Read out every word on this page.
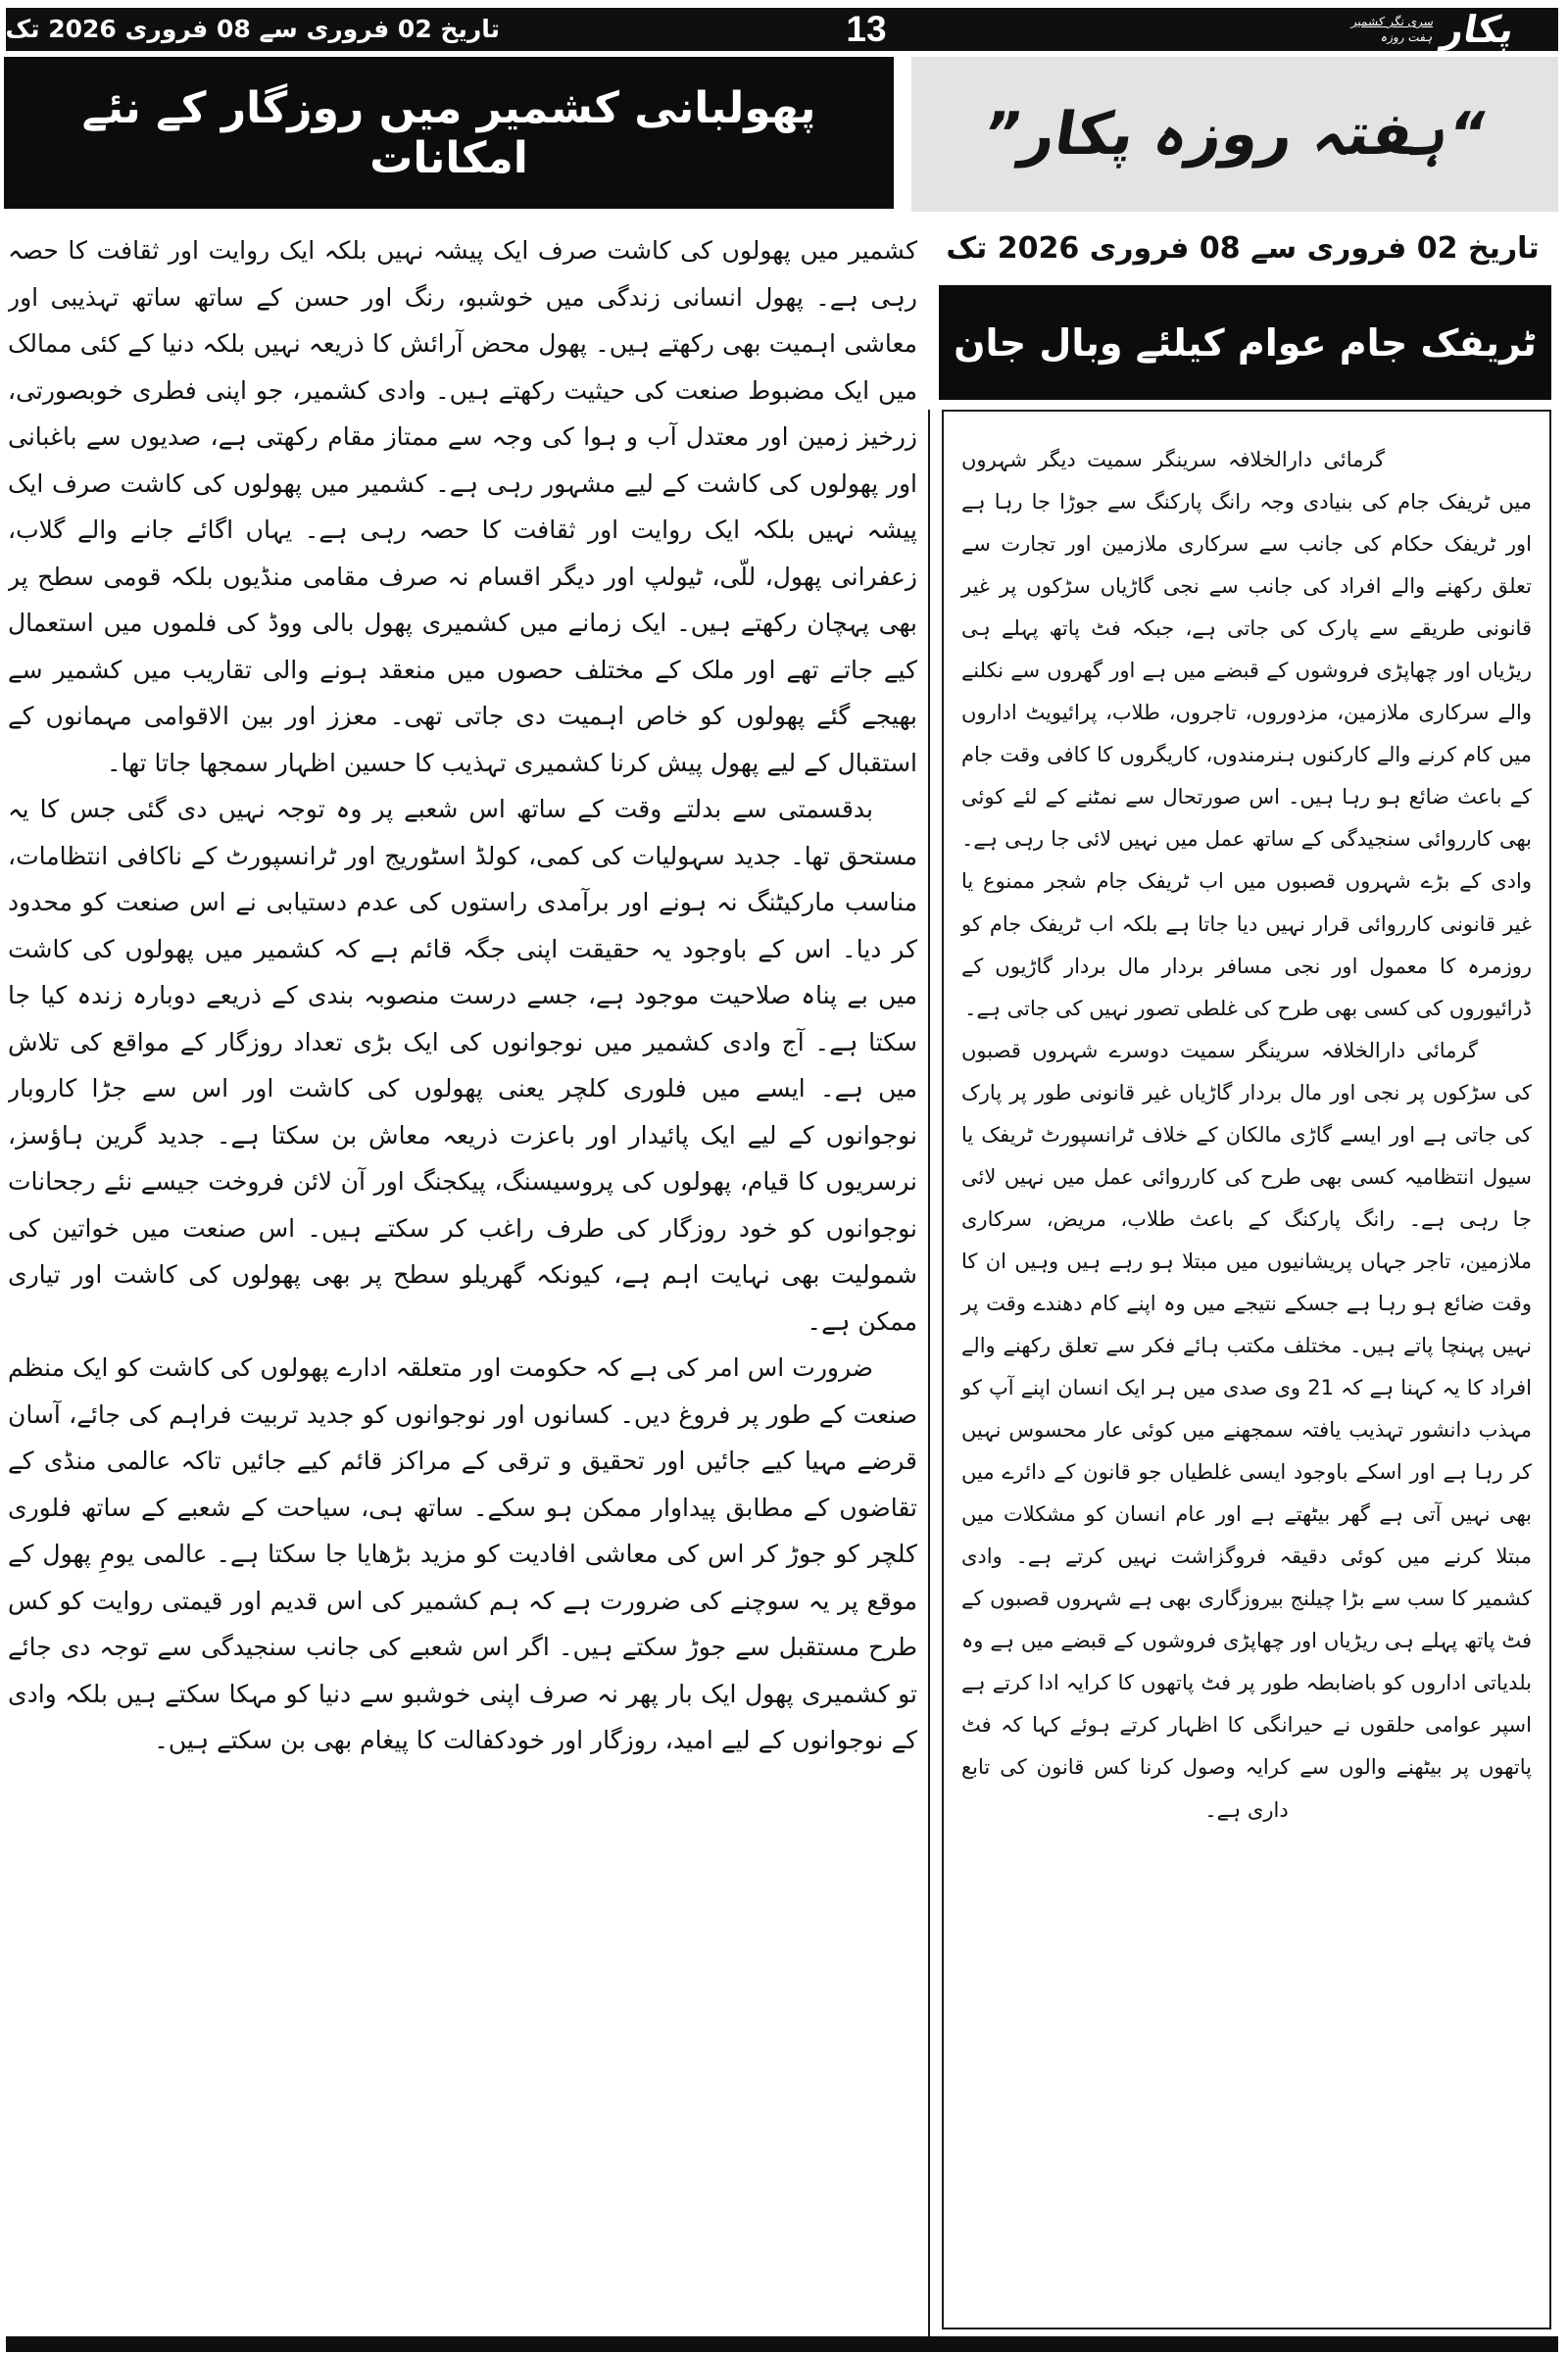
تاریخ 02 فروری سے 08 فروری 2026 تک	13	پکار
سری نگر کشمیر
ہفت روزہ
پھولبانی کشمیر میں روزگار کے نئے امکانات

کشمیر میں پھولوں کی کاشت صرف ایک پیشہ نہیں بلکہ ایک روایت اور ثقافت کا حصہ رہی ہے۔ پھول انسانی زندگی میں خوشبو، رنگ اور حسن کے ساتھ ساتھ تہذیبی اور معاشی اہمیت بھی رکھتے ہیں۔ پھول محض آرائش کا ذریعہ نہیں بلکہ دنیا کے کئی ممالک میں ایک مضبوط صنعت کی حیثیت رکھتے ہیں۔ وادی کشمیر، جو اپنی فطری خوبصورتی، زرخیز زمین اور معتدل آب و ہوا کی وجہ سے ممتاز مقام رکھتی ہے، صدیوں سے باغبانی اور پھولوں کی کاشت کے لیے مشہور رہی ہے۔ کشمیر میں پھولوں کی کاشت صرف ایک پیشہ نہیں بلکہ ایک روایت اور ثقافت کا حصہ رہی ہے۔ یہاں اگائے جانے والے گلاب، زعفرانی پھول، للّی، ٹیولپ اور دیگر اقسام نہ صرف مقامی منڈیوں بلکہ قومی سطح پر بھی پہچان رکھتے ہیں۔ ایک زمانے میں کشمیری پھول بالی ووڈ کی فلموں میں استعمال کیے جاتے تھے اور ملک کے مختلف حصوں میں منعقد ہونے والی تقاریب میں کشمیر سے بھیجے گئے پھولوں کو خاص اہمیت دی جاتی تھی۔ معزز اور بین الاقوامی مہمانوں کے استقبال کے لیے پھول پیش کرنا کشمیری تہذیب کا حسین اظہار سمجھا جاتا تھا۔

بدقسمتی سے بدلتے وقت کے ساتھ اس شعبے پر وہ توجہ نہیں دی گئی جس کا یہ مستحق تھا۔ جدید سہولیات کی کمی، کولڈ اسٹوریج اور ٹرانسپورٹ کے ناکافی انتظامات، مناسب مارکیٹنگ نہ ہونے اور برآمدی راستوں کی عدم دستیابی نے اس صنعت کو محدود کر دیا۔ اس کے باوجود یہ حقیقت اپنی جگہ قائم ہے کہ کشمیر میں پھولوں کی کاشت میں بے پناہ صلاحیت موجود ہے، جسے درست منصوبہ بندی کے ذریعے دوبارہ زندہ کیا جا سکتا ہے۔ آج وادی کشمیر میں نوجوانوں کی ایک بڑی تعداد روزگار کے مواقع کی تلاش میں ہے۔ ایسے میں فلوری کلچر یعنی پھولوں کی کاشت اور اس سے جڑا کاروبار نوجوانوں کے لیے ایک پائیدار اور باعزت ذریعہ معاش بن سکتا ہے۔ جدید گرین ہاؤسز، نرسریوں کا قیام، پھولوں کی پروسیسنگ، پیکجنگ اور آن لائن فروخت جیسے نئے رجحانات نوجوانوں کو خود روزگار کی طرف راغب کر سکتے ہیں۔ اس صنعت میں خواتین کی شمولیت بھی نہایت اہم ہے، کیونکہ گھریلو سطح پر بھی پھولوں کی کاشت اور تیاری ممکن ہے۔

ضرورت اس امر کی ہے کہ حکومت اور متعلقہ ادارے پھولوں کی کاشت کو ایک منظم صنعت کے طور پر فروغ دیں۔ کسانوں اور نوجوانوں کو جدید تربیت فراہم کی جائے، آسان قرضے مہیا کیے جائیں اور تحقیق و ترقی کے مراکز قائم کیے جائیں تاکہ عالمی منڈی کے تقاضوں کے مطابق پیداوار ممکن ہو سکے۔ ساتھ ہی، سیاحت کے شعبے کے ساتھ فلوری کلچر کو جوڑ کر اس کی معاشی افادیت کو مزید بڑھایا جا سکتا ہے۔ عالمی یومِ پھول کے موقع پر یہ سوچنے کی ضرورت ہے کہ ہم کشمیر کی اس قدیم اور قیمتی روایت کو کس طرح مستقبل سے جوڑ سکتے ہیں۔ اگر اس شعبے کی جانب سنجیدگی سے توجہ دی جائے تو کشمیری پھول ایک بار پھر نہ صرف اپنی خوشبو سے دنیا کو مہکا سکتے ہیں بلکہ وادی کے نوجوانوں کے لیے امید، روزگار اور خودکفالت کا پیغام بھی بن سکتے ہیں۔

“ہفتہ روزہ پکار”
تاریخ 02 فروری سے 08 فروری 2026 تک
ٹریفک جام عوام کیلئے وبال جان

گرمائی دارالخلافہ سرینگر سمیت دیگر شہروں میں ٹریفک جام کی بنیادی وجہ رانگ پارکنگ سے جوڑا جا رہا ہے اور ٹریفک حکام کی جانب سے سرکاری ملازمین اور تجارت سے تعلق رکھنے والے افراد کی جانب سے نجی گاڑیاں سڑکوں پر غیر قانونی طریقے سے پارک کی جاتی ہے، جبکہ فٹ پاتھ پہلے ہی ریڑیاں اور چھاپڑی فروشوں کے قبضے میں ہے اور گھروں سے نکلنے والے سرکاری ملازمین، مزدوروں، تاجروں، طلاب، پرائیویٹ اداروں میں کام کرنے والے کارکنوں ہنرمندوں، کاریگروں کا کافی وقت جام کے باعث ضائع ہو رہا ہیں۔ اس صورتحال سے نمٹنے کے لئے کوئی بھی کارروائی سنجیدگی کے ساتھ عمل میں نہیں لائی جا رہی ہے۔ وادی کے بڑے شہروں قصبوں میں اب ٹریفک جام شجر ممنوع یا غیر قانونی کارروائی قرار نہیں دیا جاتا ہے بلکہ اب ٹریفک جام کو روزمرہ کا معمول اور نجی مسافر بردار مال بردار گاڑیوں کے ڈرائیوروں کی کسی بھی طرح کی غلطی تصور نہیں کی جاتی ہے۔

گرمائی دارالخلافہ سرینگر سمیت دوسرے شہروں قصبوں کی سڑکوں پر نجی اور مال بردار گاڑیاں غیر قانونی طور پر پارک کی جاتی ہے اور ایسے گاڑی مالکان کے خلاف ٹرانسپورٹ ٹریفک یا سیول انتظامیہ کسی بھی طرح کی کارروائی عمل میں نہیں لائی جا رہی ہے۔ رانگ پارکنگ کے باعث طلاب، مریض، سرکاری ملازمین، تاجر جہاں پریشانیوں میں مبتلا ہو رہے ہیں وہیں ان کا وقت ضائع ہو رہا ہے جسکے نتیجے میں وہ اپنے کام دھندے وقت پر نہیں پہنچا پاتے ہیں۔ مختلف مکتب ہائے فکر سے تعلق رکھنے والے افراد کا یہ کہنا ہے کہ 21 وی صدی میں ہر ایک انسان اپنے آپ کو مہذب دانشور تہذیب یافتہ سمجھنے میں کوئی عار محسوس نہیں کر رہا ہے اور اسکے باوجود ایسی غلطیاں جو قانون کے دائرے میں بھی نہیں آتی ہے گھر بیٹھتے ہے اور عام انسان کو مشکلات میں مبتلا کرنے میں کوئی دقیقہ فروگزاشت نہیں کرتے ہے۔ وادی کشمیر کا سب سے بڑا چیلنج بیروزگاری بھی ہے شہروں قصبوں کے فٹ پاتھ پہلے ہی ریڑیاں اور چھاپڑی فروشوں کے قبضے میں ہے وہ بلدیاتی اداروں کو باضابطہ طور پر فٹ پاتھوں کا کرایہ ادا کرتے ہے اسپر عوامی حلقوں نے حیرانگی کا اظہار کرتے ہوئے کہا کہ فٹ پاتھوں پر بیٹھنے والوں سے کرایہ وصول کرنا کس قانون کی تابع داری ہے۔
